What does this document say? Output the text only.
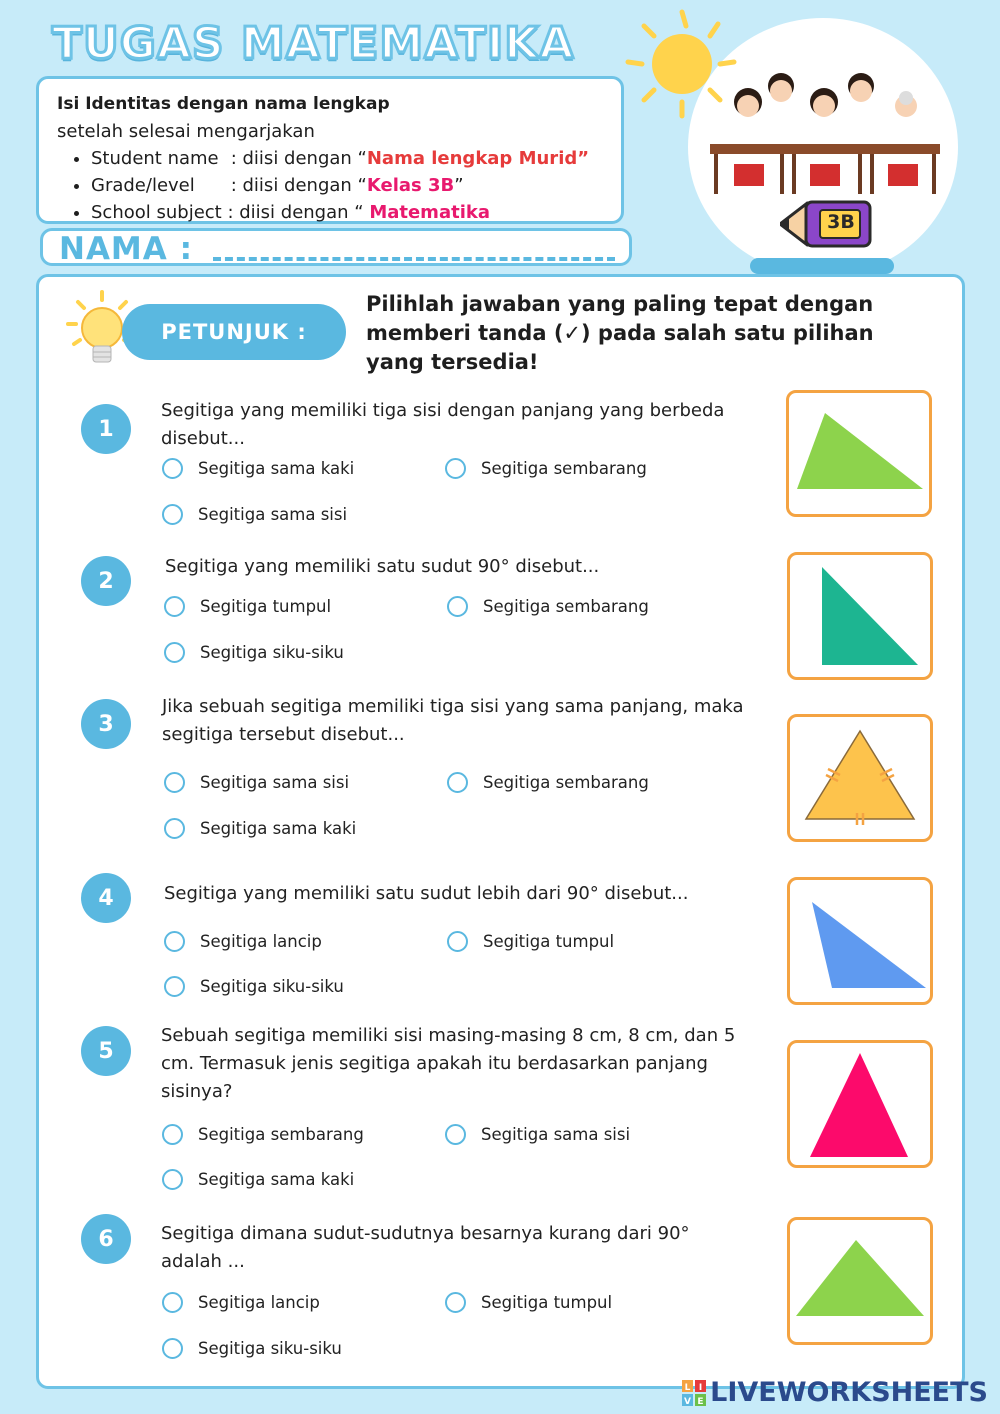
TUGAS MATEMATIKA
Isi Identitas dengan nama lengkap
setelah selesai mengarjakan
• Student name : diisi dengan “Nama lengkap Murid”
• Grade/level : diisi dengan “Kelas 3B”
• School subject : diisi dengan “ Matematika
NAMA :
3B
PETUNJUK :
Pilihlah jawaban yang paling tepat dengan memberi tanda (✓) pada salah satu pilihan yang tersedia!
1
Segitiga yang memiliki tiga sisi dengan panjang yang berbeda disebut...
Segitiga sama kaki	Segitiga sembarang
Segitiga sama sisi
2
Segitiga yang memiliki satu sudut 90° disebut...
Segitiga tumpul	Segitiga sembarang
Segitiga siku-siku
3
Jika sebuah segitiga memiliki tiga sisi yang sama panjang, maka segitiga tersebut disebut...
Segitiga sama sisi	Segitiga sembarang
Segitiga sama kaki
4	Segitiga yang memiliki satu sudut lebih dari 90° disebut...
Segitiga lancip	Segitiga tumpul
Segitiga siku-siku
5
Sebuah segitiga memiliki sisi masing-masing 8 cm, 8 cm, dan 5 cm. Termasuk jenis segitiga apakah itu berdasarkan panjang sisinya?
Segitiga sembarang	Segitiga sama sisi
Segitiga sama kaki
6	Segitiga dimana sudut-sudutnya besarnya kurang dari 90° adalah ...
Segitiga lancip	Segitiga tumpul
Segitiga siku-siku
L I
V E LIVEWORKSHEETS
